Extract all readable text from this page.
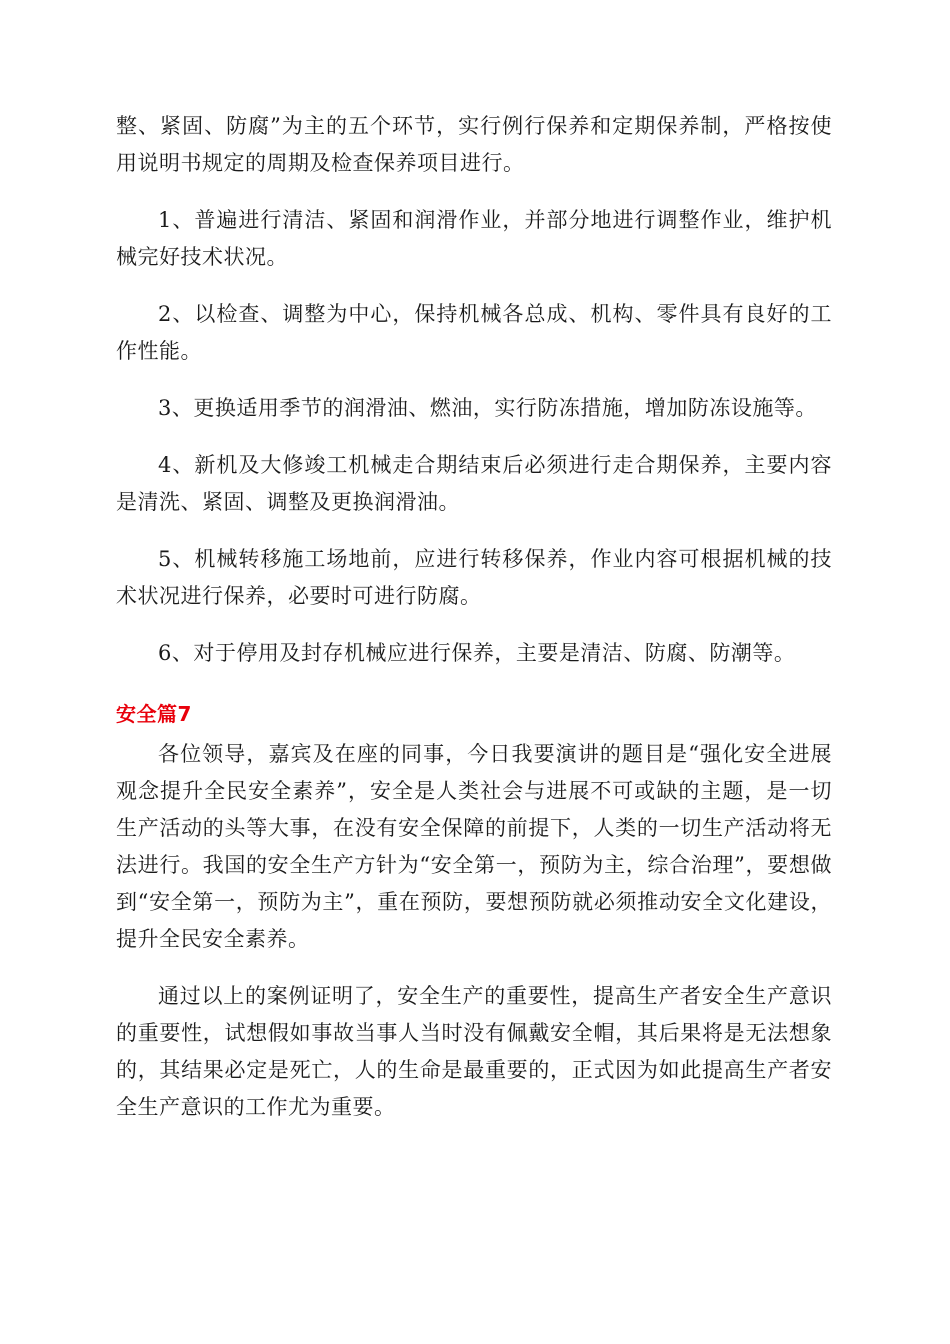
整、紧固、防腐”为主的五个环节，实行例行保养和定期保养制，严格按使用说明书规定的周期及检查保养项目进行。

1、普遍进行清洁、紧固和润滑作业，并部分地进行调整作业，维护机械完好技术状况。

2、以检查、调整为中心，保持机械各总成、机构、零件具有良好的工作性能。

3、更换适用季节的润滑油、燃油，实行防冻措施，增加防冻设施等。

4、新机及大修竣工机械走合期结束后必须进行走合期保养，主要内容是清洗、紧固、调整及更换润滑油。

5、机械转移施工场地前，应进行转移保养，作业内容可根据机械的技术状况进行保养，必要时可进行防腐。

6、对于停用及封存机械应进行保养，主要是清洁、防腐、防潮等。

安全篇7

各位领导，嘉宾及在座的同事，今日我要演讲的题目是“强化安全进展观念提升全民安全素养”，安全是人类社会与进展不可或缺的主题，是一切生产活动的头等大事，在没有安全保障的前提下，人类的一切生产活动将无法进行。我国的安全生产方针为“安全第一，预防为主，综合治理”，要想做到“安全第一，预防为主”，重在预防，要想预防就必须推动安全文化建设，提升全民安全素养。

通过以上的案例证明了，安全生产的重要性，提高生产者安全生产意识的重要性，试想假如事故当事人当时没有佩戴安全帽，其后果将是无法想象的，其结果必定是死亡，人的生命是最重要的，正式因为如此提高生产者安全生产意识的工作尤为重要。
